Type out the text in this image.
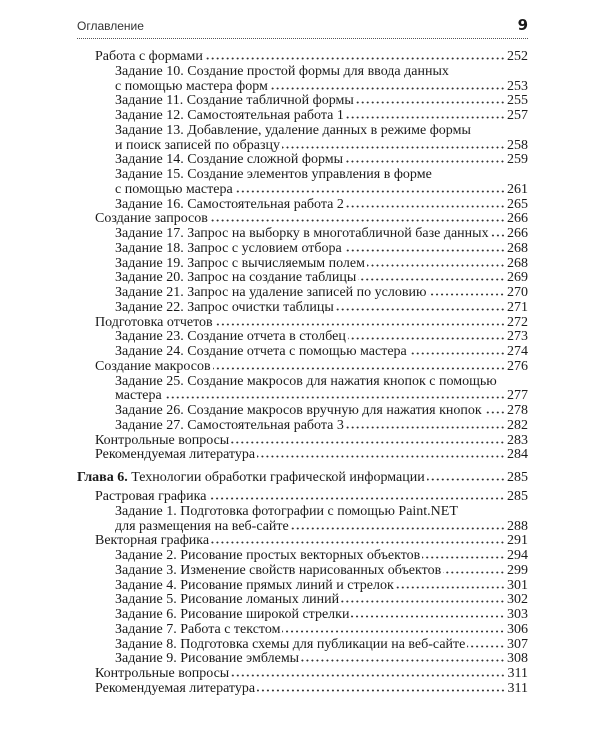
Оглавление	9
Работа с формами	252
Задание 10. Создание простой формы для ввода данных
с помощью мастера форм	253
Задание 11. Создание табличной формы	255
Задание 12. Самостоятельная работа 1	257
Задание 13. Добавление, удаление данных в режиме формы
и поиск записей по образцу	258
Задание 14. Создание сложной формы	259
Задание 15. Создание элементов управления в форме
с помощью мастера	261
Задание 16. Самостоятельная работа 2	265
Создание запросов	266
Задание 17. Запрос на выборку в многотабличной базе данных 266
Задание 18. Запрос с условием отбора	268
Задание 19. Запрос с вычисляемым полем	268
Задание 20. Запрос на создание таблицы	269
Задание 21. Запрос на удаление записей по условию	270
Задание 22. Запрос очистки таблицы	271
Подготовка отчетов	272
Задание 23. Создание отчета в столбец	273
Задание 24. Создание отчета с помощью мастера	274
Создание макросов	276
Задание 25. Создание макросов для нажатия кнопок с помощью
мастера	277
Задание 26. Создание макросов вручную для нажатия кнопок 278
Задание 27. Самостоятельная работа 3	282
Контрольные вопросы	283
Рекомендуемая литература	284
Глава 6. Технологии обработки графической информации	285
Растровая графика	285
Задание 1. Подготовка фотографии с помощью Paint.NET
для размещения на веб-сайте	288
Векторная графика	291
Задание 2. Рисование простых векторных объектов	294
Задание 3. Изменение свойств нарисованных объектов	299
Задание 4. Рисование прямых линий и стрелок	301
Задание 5. Рисование ломаных линий	302
Задание 6. Рисование широкой стрелки	303
Задание 7. Работа с текстом	306
Задание 8. Подготовка схемы для публикации на веб-сайте	307
Задание 9. Рисование эмблемы	308
Контрольные вопросы	311
Рекомендуемая литература	311
